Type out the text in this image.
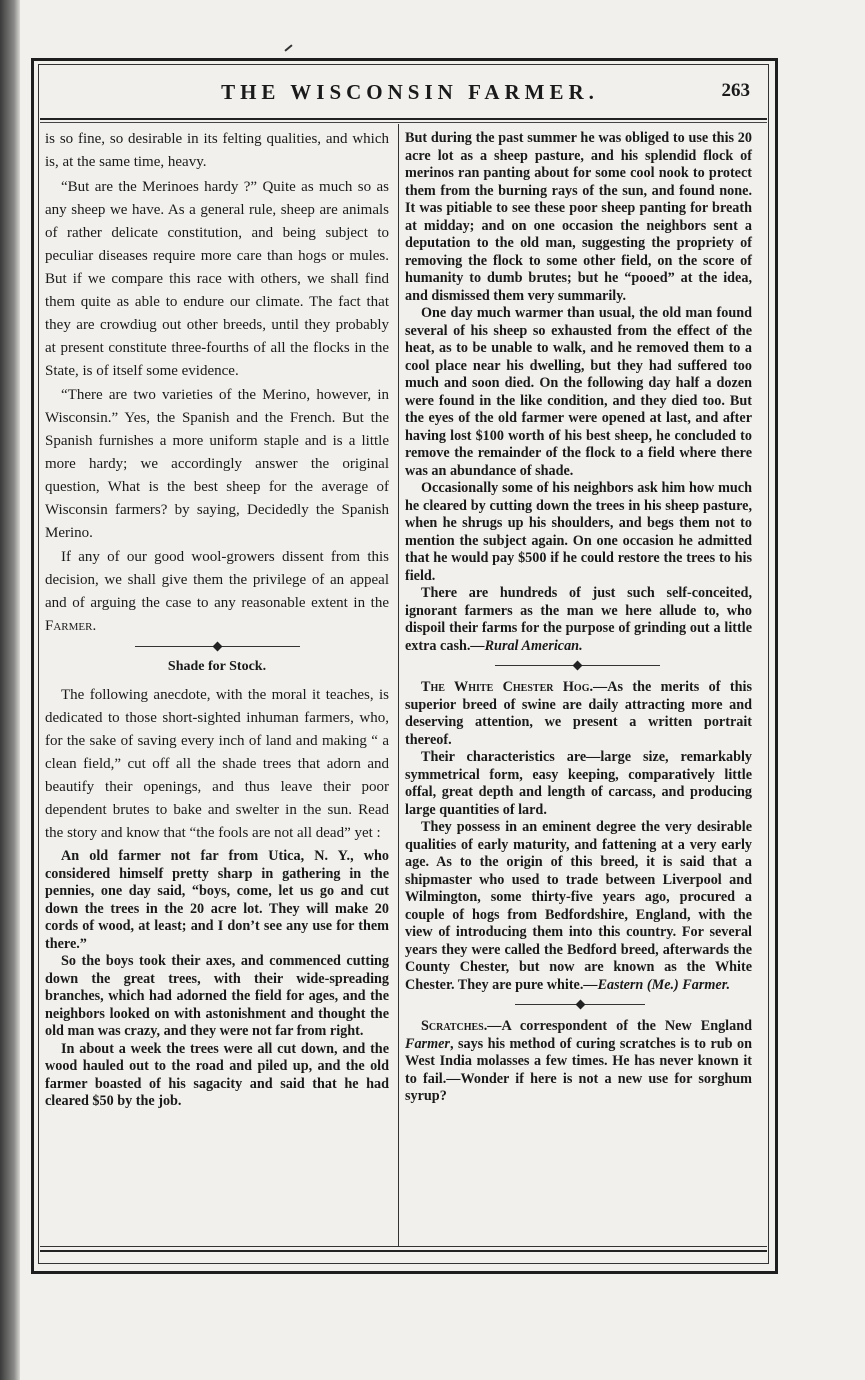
THE WISCONSIN FARMER.	263

is so fine, so desirable in its felting qualities, and which is, at the same time, heavy.

“But are the Merinoes hardy ?” Quite as much so as any sheep we have. As a general rule, sheep are animals of rather delicate constitution, and being subject to peculiar diseases require more care than hogs or mules. But if we compare this race with others, we shall find them quite as able to endure our climate. The fact that they are crowdiug out other breeds, until they probably at present constitute three-fourths of all the flocks in the State, is of itself some evidence.

“There are two varieties of the Merino, however, in Wisconsin.” Yes, the Spanish and the French. But the Spanish furnishes a more uniform staple and is a little more hardy; we accordingly answer the original question, What is the best sheep for the average of Wisconsin farmers? by saying, Decidedly the Spanish Merino.

If any of our good wool-growers dissent from this decision, we shall give them the privilege of an appeal and of arguing the case to any reasonable extent in the Farmer.

Shade for Stock.

The following anecdote, with the moral it teaches, is dedicated to those short-sighted inhuman farmers, who, for the sake of saving every inch of land and making “ a clean field,” cut off all the shade trees that adorn and beautify their openings, and thus leave their poor dependent brutes to bake and swelter in the sun. Read the story and know that “the fools are not all dead” yet :

An old farmer not far from Utica, N. Y., who considered himself pretty sharp in gathering in the pennies, one day said, “boys, come, let us go and cut down the trees in the 20 acre lot. They will make 20 cords of wood, at least; and I don’t see any use for them there.”

So the boys took their axes, and commenced cutting down the great trees, with their wide-spreading branches, which had adorned the field for ages, and the neighbors looked on with astonishment and thought the old man was crazy, and they were not far from right.

In about a week the trees were all cut down, and the wood hauled out to the road and piled up, and the old farmer boasted of his sagacity and said that he had cleared $50 by the job.

But during the past summer he was obliged to use this 20 acre lot as a sheep pasture, and his splendid flock of merinos ran panting about for some cool nook to protect them from the burning rays of the sun, and found none. It was pitiable to see these poor sheep panting for breath at midday; and on one occasion the neighbors sent a deputation to the old man, suggesting the propriety of removing the flock to some other field, on the score of humanity to dumb brutes; but he “pooed” at the idea, and dismissed them very summarily.

One day much warmer than usual, the old man found several of his sheep so exhausted from the effect of the heat, as to be unable to walk, and he removed them to a cool place near his dwelling, but they had suffered too much and soon died. On the following day half a dozen were found in the like condition, and they died too. But the eyes of the old farmer were opened at last, and after having lost $100 worth of his best sheep, he concluded to remove the remainder of the flock to a field where there was an abundance of shade.

Occasionally some of his neighbors ask him how much he cleared by cutting down the trees in his sheep pasture, when he shrugs up his shoulders, and begs them not to mention the subject again. On one occasion he admitted that he would pay $500 if he could restore the trees to his field.

There are hundreds of just such self-conceited, ignorant farmers as the man we here allude to, who dispoil their farms for the purpose of grinding out a little extra cash.—Rural American.

The White Chester Hog.—As the merits of this superior breed of swine are daily attracting more and deserving attention, we present a written portrait thereof.

Their characteristics are—large size, remarkably symmetrical form, easy keeping, comparatively little offal, great depth and length of carcass, and producing large quantities of lard.

They possess in an eminent degree the very desirable qualities of early maturity, and fattening at a very early age. As to the origin of this breed, it is said that a shipmaster who used to trade between Liverpool and Wilmington, some thirty-five years ago, procured a couple of hogs from Bedfordshire, England, with the view of introducing them into this country. For several years they were called the Bedford breed, afterwards the County Chester, but now are known as the White Chester. They are pure white.—Eastern (Me.) Farmer.

Scratches.—A correspondent of the New England Farmer, says his method of curing scratches is to rub on West India molasses a few times. He has never known it to fail.—Wonder if here is not a new use for sorghum syrup?
